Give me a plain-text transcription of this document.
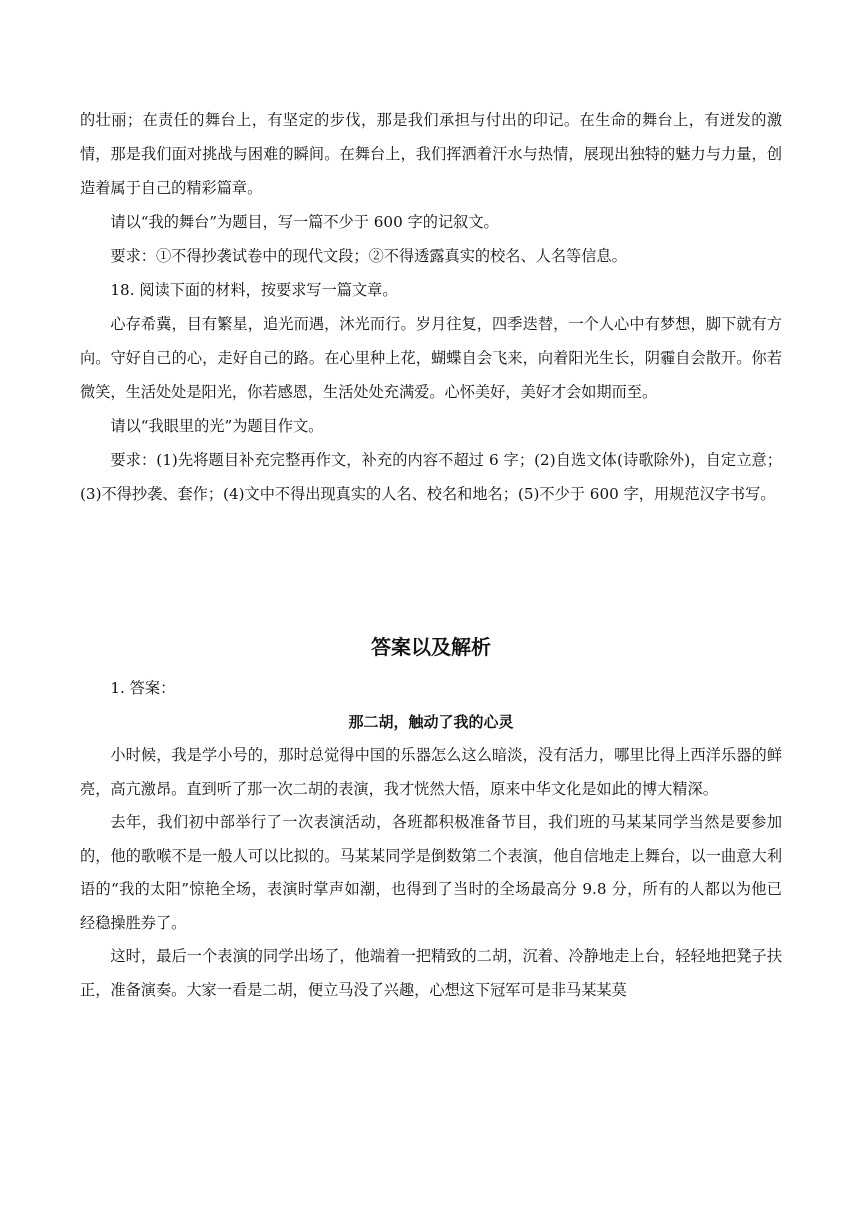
的壮丽；在责任的舞台上，有坚定的步伐，那是我们承担与付出的印记。在生命的舞台上，有迸发的激情，那是我们面对挑战与困难的瞬间。在舞台上，我们挥洒着汗水与热情，展现出独特的魅力与力量，创造着属于自己的精彩篇章。

请以“我的舞台”为题目，写一篇不少于 600 字的记叙文。

要求：①不得抄袭试卷中的现代文段；②不得透露真实的校名、人名等信息。

18. 阅读下面的材料，按要求写一篇文章。

心存希冀，目有繁星，追光而遇，沐光而行。岁月往复，四季迭替，一个人心中有梦想，脚下就有方向。守好自己的心，走好自己的路。在心里种上花，蝴蝶自会飞来，向着阳光生长，阴霾自会散开。你若微笑，生活处处是阳光，你若感恩，生活处处充满爱。心怀美好，美好才会如期而至。

请以“我眼里的光”为题目作文。

要求：(1)先将题目补充完整再作文，补充的内容不超过 6 字；(2)自选文体(诗歌除外)，自定立意；(3)不得抄袭、套作；(4)文中不得出现真实的人名、校名和地名；(5)不少于 600 字，用规范汉字书写。

答案以及解析

1. 答案：

那二胡，触动了我的心灵

小时候，我是学小号的，那时总觉得中国的乐器怎么这么暗淡，没有活力，哪里比得上西洋乐器的鲜亮，高亢激昂。直到听了那一次二胡的表演，我才恍然大悟，原来中华文化是如此的博大精深。

去年，我们初中部举行了一次表演活动，各班都积极准备节目，我们班的马某某同学当然是要参加的，他的歌喉不是一般人可以比拟的。马某某同学是倒数第二个表演，他自信地走上舞台，以一曲意大利语的“我的太阳”惊艳全场，表演时掌声如潮，也得到了当时的全场最高分 9.8 分，所有的人都以为他已经稳操胜券了。

这时，最后一个表演的同学出场了，他端着一把精致的二胡，沉着、冷静地走上台，轻轻地把凳子扶正，准备演奏。大家一看是二胡，便立马没了兴趣，心想这下冠军可是非马某某莫
